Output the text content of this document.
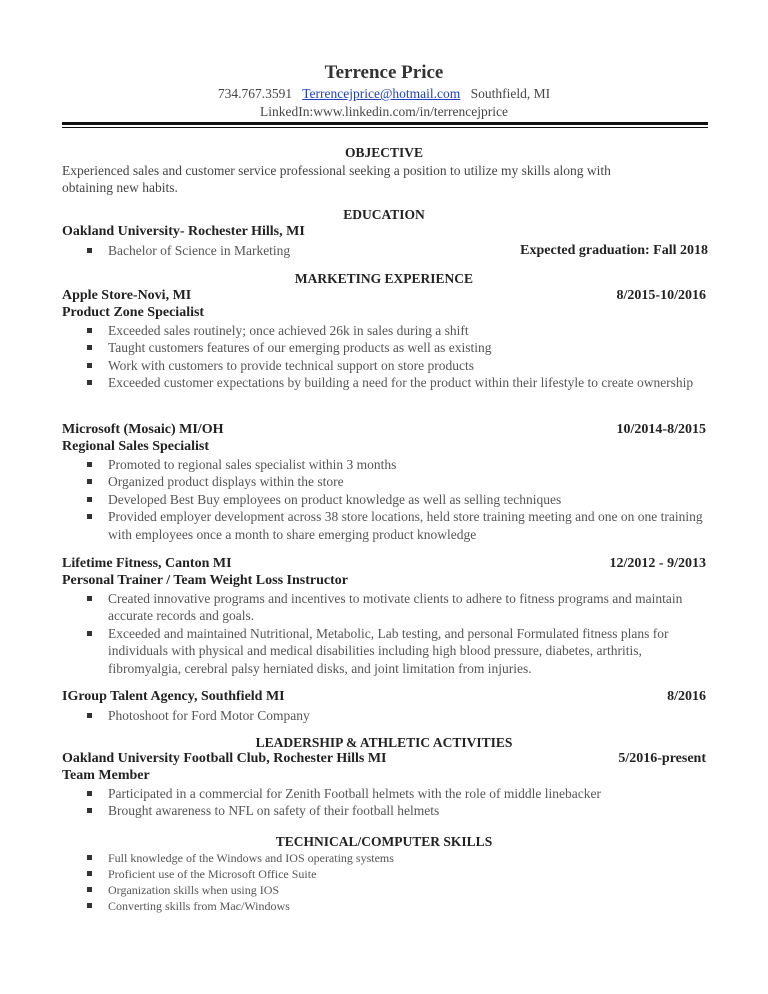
Terrence Price
734.767.3591 Terrencejprice@hotmail.com Southfield, MI
LinkedIn:www.linkedin.com/in/terrencejprice
OBJECTIVE
Experienced sales and customer service professional seeking a position to utilize my skills along with
obtaining new habits.
EDUCATION
Oakland University- Rochester Hills, MI
Bachelor of Science in Marketing	Expected graduation: Fall 2018
MARKETING EXPERIENCE
Apple Store-Novi, MI	8/2015-10/2016
Product Zone Specialist
Exceeded sales routinely; once achieved 26k in sales during a shift
Taught customers features of our emerging products as well as existing
Work with customers to provide technical support on store products
Exceeded customer expectations by building a need for the product within their lifestyle to create ownership
Microsoft (Mosaic) MI/OH	10/2014-8/2015
Regional Sales Specialist
Promoted to regional sales specialist within 3 months
Organized product displays within the store
Developed Best Buy employees on product knowledge as well as selling techniques
Provided employer development across 38 store locations, held store training meeting and one on one training with employees once a month to share emerging product knowledge
Lifetime Fitness, Canton MI	12/2012 - 9/2013
Personal Trainer / Team Weight Loss Instructor
Created innovative programs and incentives to motivate clients to adhere to fitness programs and maintain accurate records and goals.
Exceeded and maintained Nutritional, Metabolic, Lab testing, and personal Formulated fitness plans for individuals with physical and medical disabilities including high blood pressure, diabetes, arthritis, fibromyalgia, cerebral palsy herniated disks, and joint limitation from injuries.
IGroup Talent Agency, Southfield MI	8/2016
Photoshoot for Ford Motor Company
LEADERSHIP & ATHLETIC ACTIVITIES
Oakland University Football Club, Rochester Hills MI	5/2016-present
Team Member
Participated in a commercial for Zenith Football helmets with the role of middle linebacker
Brought awareness to NFL on safety of their football helmets
TECHNICAL/COMPUTER SKILLS
Full knowledge of the Windows and IOS operating systems
Proficient use of the Microsoft Office Suite
Organization skills when using IOS
Converting skills from Mac/Windows
